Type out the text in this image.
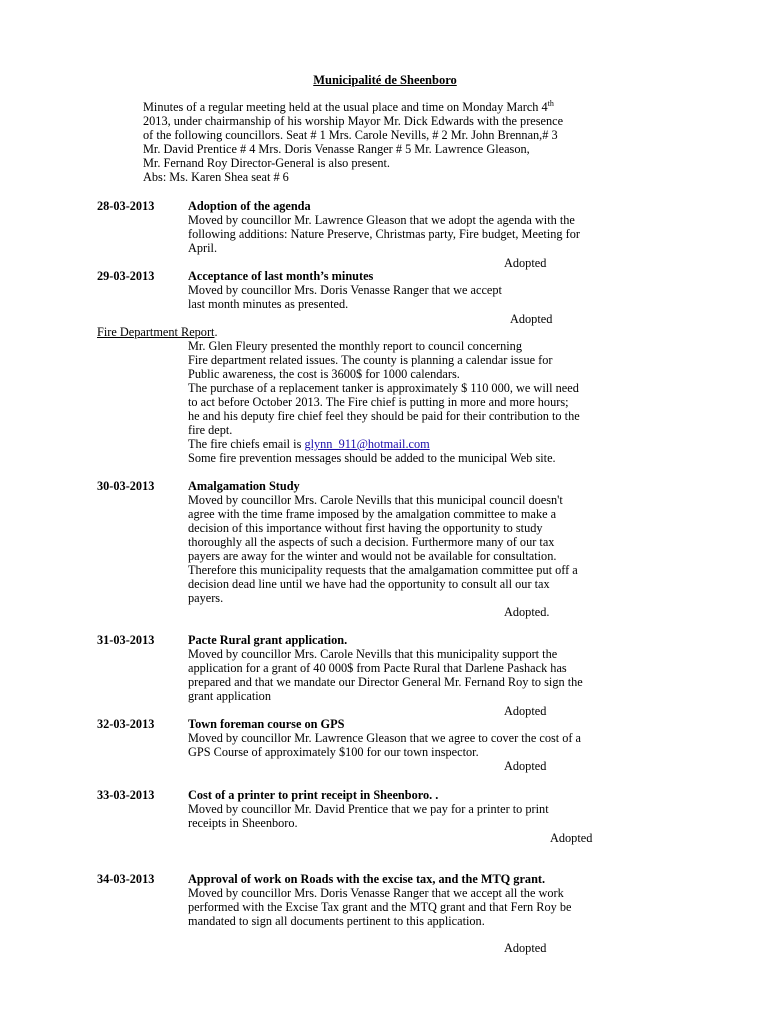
Municipalité de Sheenboro
Minutes of a regular meeting held at the usual place and time on Monday March 4th
2013, under chairmanship of his worship Mayor Mr. Dick Edwards with the presence
of the following councillors. Seat # 1 Mrs. Carole Nevills, # 2 Mr. John Brennan,# 3
Mr. David Prentice # 4 Mrs. Doris Venasse Ranger # 5 Mr. Lawrence Gleason,
Mr. Fernand Roy Director-General is also present.
Abs: Ms. Karen Shea seat # 6
28-03-2013	Adoption of the agenda
Moved by councillor Mr. Lawrence Gleason that we adopt the agenda with the
following additions: Nature Preserve, Christmas party, Fire budget, Meeting for
April.
Adopted
29-03-2013	Acceptance of last month’s minutes
Moved by councillor Mrs. Doris Venasse Ranger that we accept
last month minutes as presented.
Adopted
Fire Department Report.
Mr. Glen Fleury presented the monthly report to council concerning
Fire department related issues. The county is planning a calendar issue for
Public awareness, the cost is 3600$ for 1000 calendars.
The purchase of a replacement tanker is approximately $ 110 000, we will need
to act before October 2013. The Fire chief is putting in more and more hours;
he and his deputy fire chief feel they should be paid for their contribution to the
fire dept.
The fire chiefs email is glynn_911@hotmail.com
Some fire prevention messages should be added to the municipal Web site.
30-03-2013	Amalgamation Study
Moved by councillor Mrs. Carole Nevills that this municipal council doesn't
agree with the time frame imposed by the amalgation committee to make a
decision of this importance without first having the opportunity to study
thoroughly all the aspects of such a decision. Furthermore many of our tax
payers are away for the winter and would not be available for consultation.
Therefore this municipality requests that the amalgamation committee put off a
decision dead line until we have had the opportunity to consult all our tax
payers.
Adopted.
31-03-2013	Pacte Rural grant application.
Moved by councillor Mrs. Carole Nevills that this municipality support the
application for a grant of 40 000$ from Pacte Rural that Darlene Pashack has
prepared and that we mandate our Director General Mr. Fernand Roy to sign the
grant application
Adopted
32-03-2013	Town foreman course on GPS
Moved by councillor Mr. Lawrence Gleason that we agree to cover the cost of a
GPS Course of approximately $100 for our town inspector.
Adopted
33-03-2013	Cost of a printer to print receipt in Sheenboro. .
Moved by councillor Mr. David Prentice that we pay for a printer to print
receipts in Sheenboro.
Adopted
34-03-2013	Approval of work on Roads with the excise tax, and the MTQ grant.
Moved by councillor Mrs. Doris Venasse Ranger that we accept all the work
performed with the Excise Tax grant and the MTQ grant and that Fern Roy be
mandated to sign all documents pertinent to this application.
Adopted
